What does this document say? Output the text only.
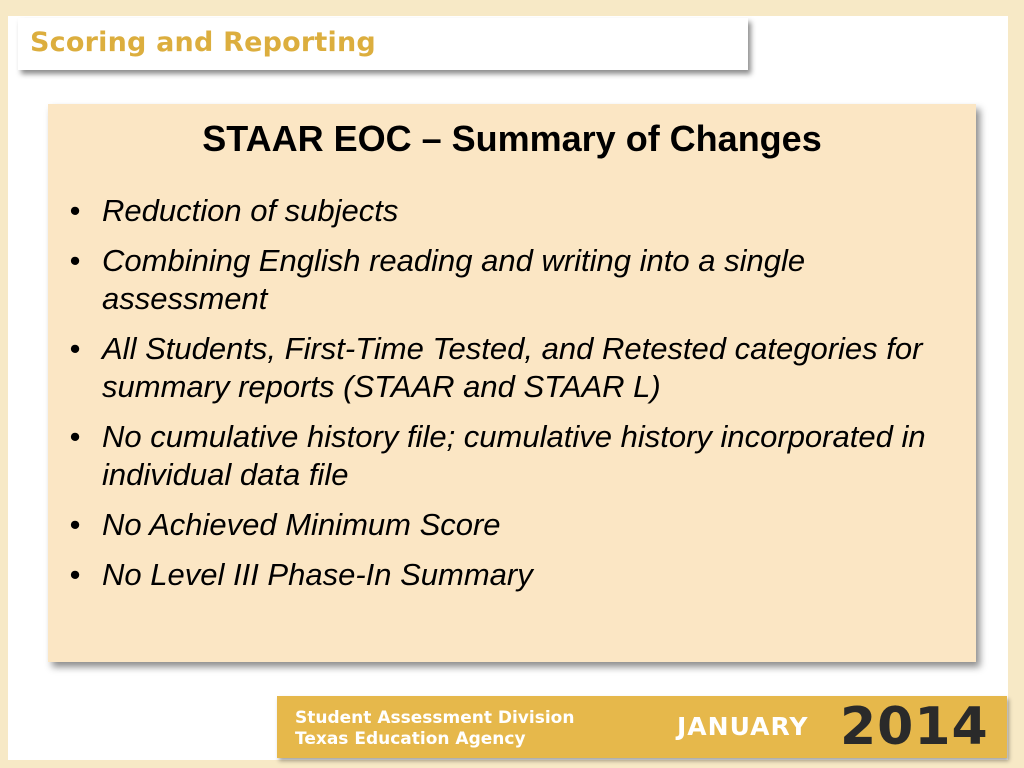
Scoring and Reporting
STAAR EOC – Summary of Changes
• Reduction of subjects
• Combining English reading and writing into a single assessment
• All Students, First-Time Tested, and Retested categories for summary reports (STAAR and STAAR L)
• No cumulative history file; cumulative history incorporated in individual data file
• No Achieved Minimum Score
• No Level III Phase-In Summary
Student Assessment Division
Texas Education Agency	JANUARY 2014
